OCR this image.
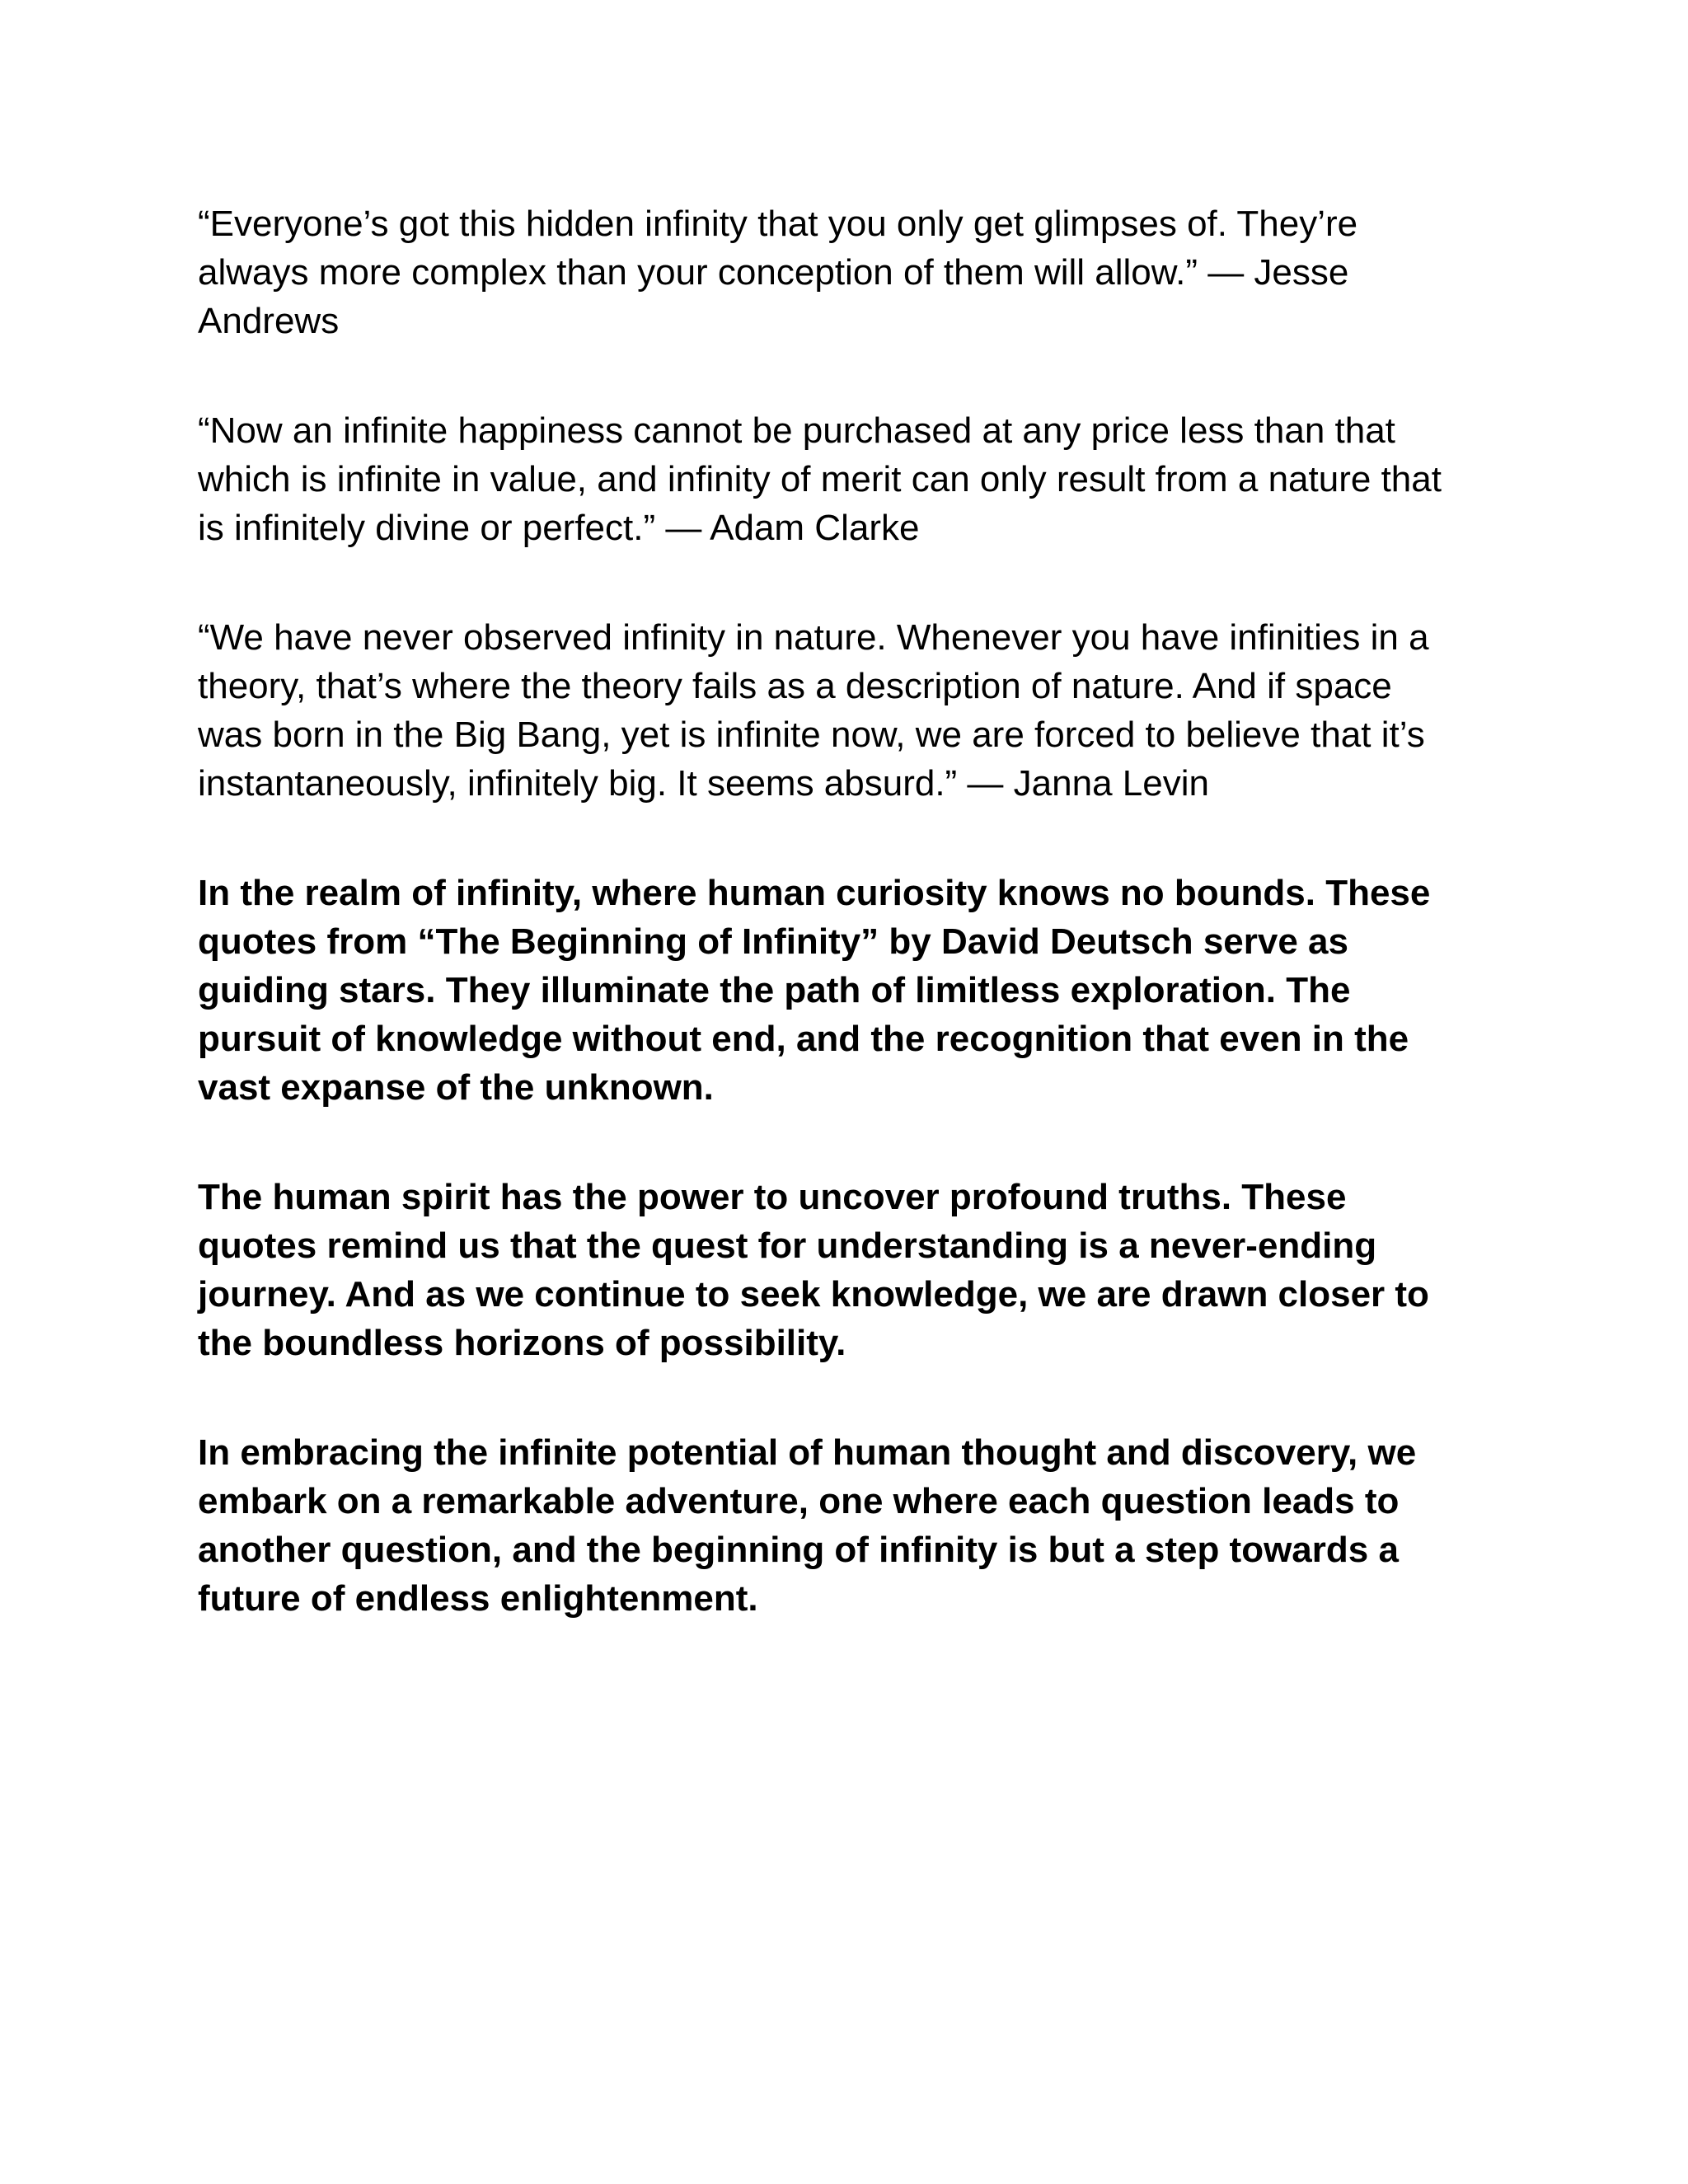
“Everyone’s got this hidden infinity that you only get glimpses of. They’re
always more complex than your conception of them will allow.” — Jesse
Andrews

“Now an infinite happiness cannot be purchased at any price less than that
which is infinite in value, and infinity of merit can only result from a nature that
is infinitely divine or perfect.” — Adam Clarke

“We have never observed infinity in nature. Whenever you have infinities in a
theory, that’s where the theory fails as a description of nature. And if space
was born in the Big Bang, yet is infinite now, we are forced to believe that it’s
instantaneously, infinitely big. It seems absurd.” — Janna Levin

In the realm of infinity, where human curiosity knows no bounds. These
quotes from “The Beginning of Infinity” by David Deutsch serve as
guiding stars. They illuminate the path of limitless exploration. The
pursuit of knowledge without end, and the recognition that even in the
vast expanse of the unknown.

The human spirit has the power to uncover profound truths. These
quotes remind us that the quest for understanding is a never-ending
journey. And as we continue to seek knowledge, we are drawn closer to
the boundless horizons of possibility.

In embracing the infinite potential of human thought and discovery, we
embark on a remarkable adventure, one where each question leads to
another question, and the beginning of infinity is but a step towards a
future of endless enlightenment.
